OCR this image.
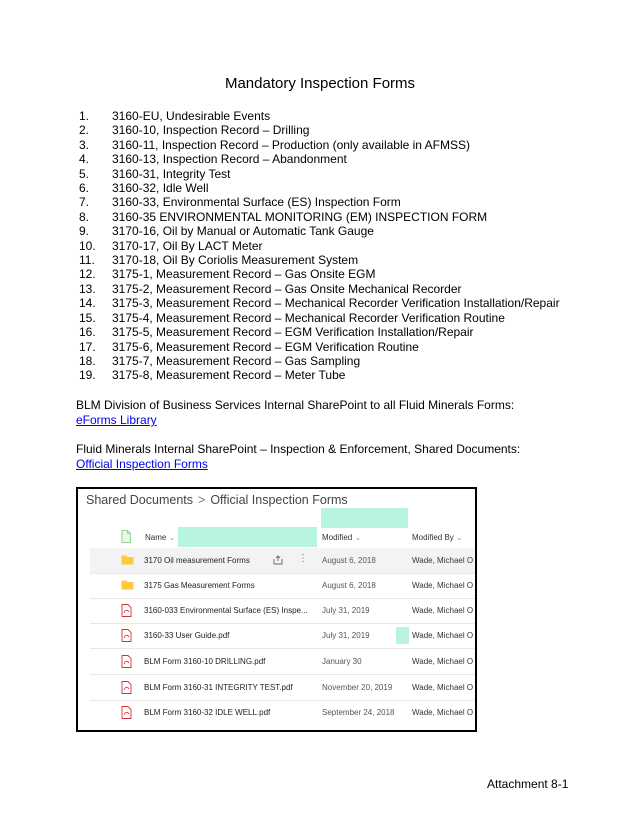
Mandatory Inspection Forms
1. 3160-EU, Undesirable Events
2. 3160-10, Inspection Record – Drilling
3. 3160-11, Inspection Record – Production (only available in AFMSS)
4. 3160-13, Inspection Record – Abandonment
5. 3160-31, Integrity Test
6. 3160-32, Idle Well
7. 3160-33, Environmental Surface (ES) Inspection Form
8. 3160-35 ENVIRONMENTAL MONITORING (EM) INSPECTION FORM
9. 3170-16, Oil by Manual or Automatic Tank Gauge
10. 3170-17, Oil By LACT Meter
11. 3170-18, Oil By Coriolis Measurement System
12. 3175-1, Measurement Record – Gas Onsite EGM
13. 3175-2, Measurement Record – Gas Onsite Mechanical Recorder
14. 3175-3, Measurement Record – Mechanical Recorder Verification Installation/Repair
15. 3175-4, Measurement Record – Mechanical Recorder Verification Routine
16. 3175-5, Measurement Record – EGM Verification Installation/Repair
17. 3175-6, Measurement Record – EGM Verification Routine
18. 3175-7, Measurement Record – Gas Sampling
19. 3175-8, Measurement Record – Meter Tube
BLM Division of Business Services Internal SharePoint to all Fluid Minerals Forms:
eForms Library
Fluid Minerals Internal SharePoint – Inspection & Enforcement, Shared Documents:
Official Inspection Forms
Shared Documents > Official Inspection Forms
Name ⌄	Modified ⌄	Modified By ⌄
3170 Oil measurement Forms	⋮ August 6, 2018	Wade, Michael O
3175 Gas Measurement Forms	August 6, 2018	Wade, Michael O
3160-033 Environmental Surface (ES) Inspe... July 31, 2019	Wade, Michael O
3160-33 User Guide.pdf	July 31, 2019	Wade, Michael O
BLM Form 3160-10 DRILLING.pdf	January 30	Wade, Michael O
BLM Form 3160-31 INTEGRITY TEST.pdf	November 20, 2019 Wade, Michael O
BLM Form 3160-32 IDLE WELL.pdf	September 24, 2018 Wade, Michael O
Attachment 8-1
